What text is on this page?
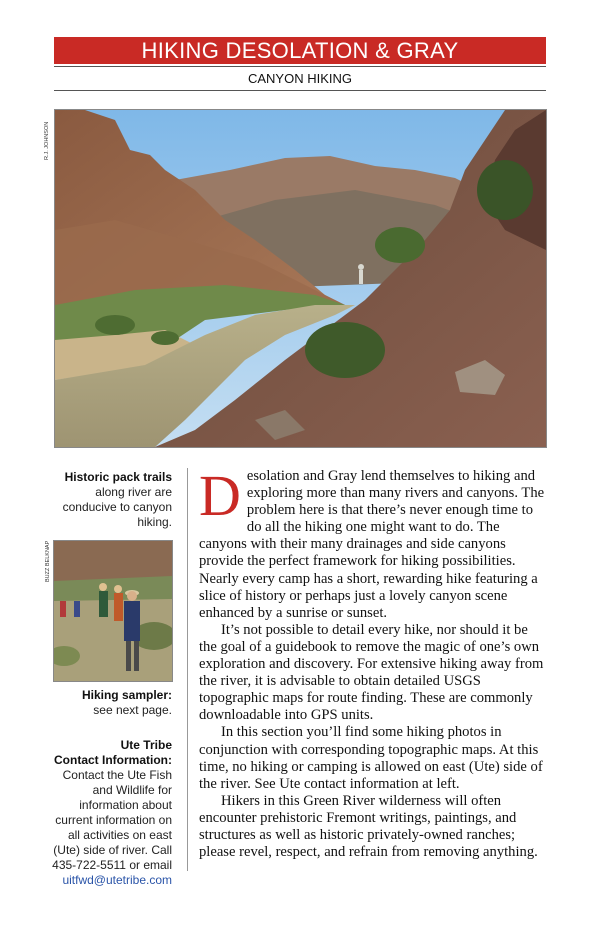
HIKING DESOLATION & GRAY
CANYON HIKING
R.J. JOHNSON
Historic pack trails
along river are conducive to canyon hiking.
BUZZ BELKNAP
Hiking sampler:
see next page.
Ute Tribe
Contact Information:
Contact the Ute Fish and Wildlife for information about current information on all activities on east (Ute) side of river. Call 435-722-5511 or email
uitfwd@utetribe.com

Desolation and Gray lend themselves to hiking and exploring more than many rivers and canyons. The problem here is that there’s never enough time to do all the hiking one might want to do. The canyons with their many drainages and side canyons provide the perfect framework for hiking possibilities. Nearly every camp has a short, rewarding hike featuring a slice of history or perhaps just a lovely canyon scene enhanced by a sunrise or sunset.

It’s not possible to detail every hike, nor should it be the goal of a guidebook to remove the magic of one’s own exploration and discovery. For extensive hiking away from the river, it is advisable to obtain detailed USGS topographic maps for route finding. These are commonly downloadable into GPS units.

In this section you’ll find some hiking photos in conjunction with corresponding topographic maps. At this time, no hiking or camping is allowed on east (Ute) side of the river. See Ute contact information at left.

Hikers in this Green River wilderness will often encounter prehistoric Fremont writings, paintings, and structures as well as historic privately-owned ranches; please revel, respect, and refrain from removing anything.
